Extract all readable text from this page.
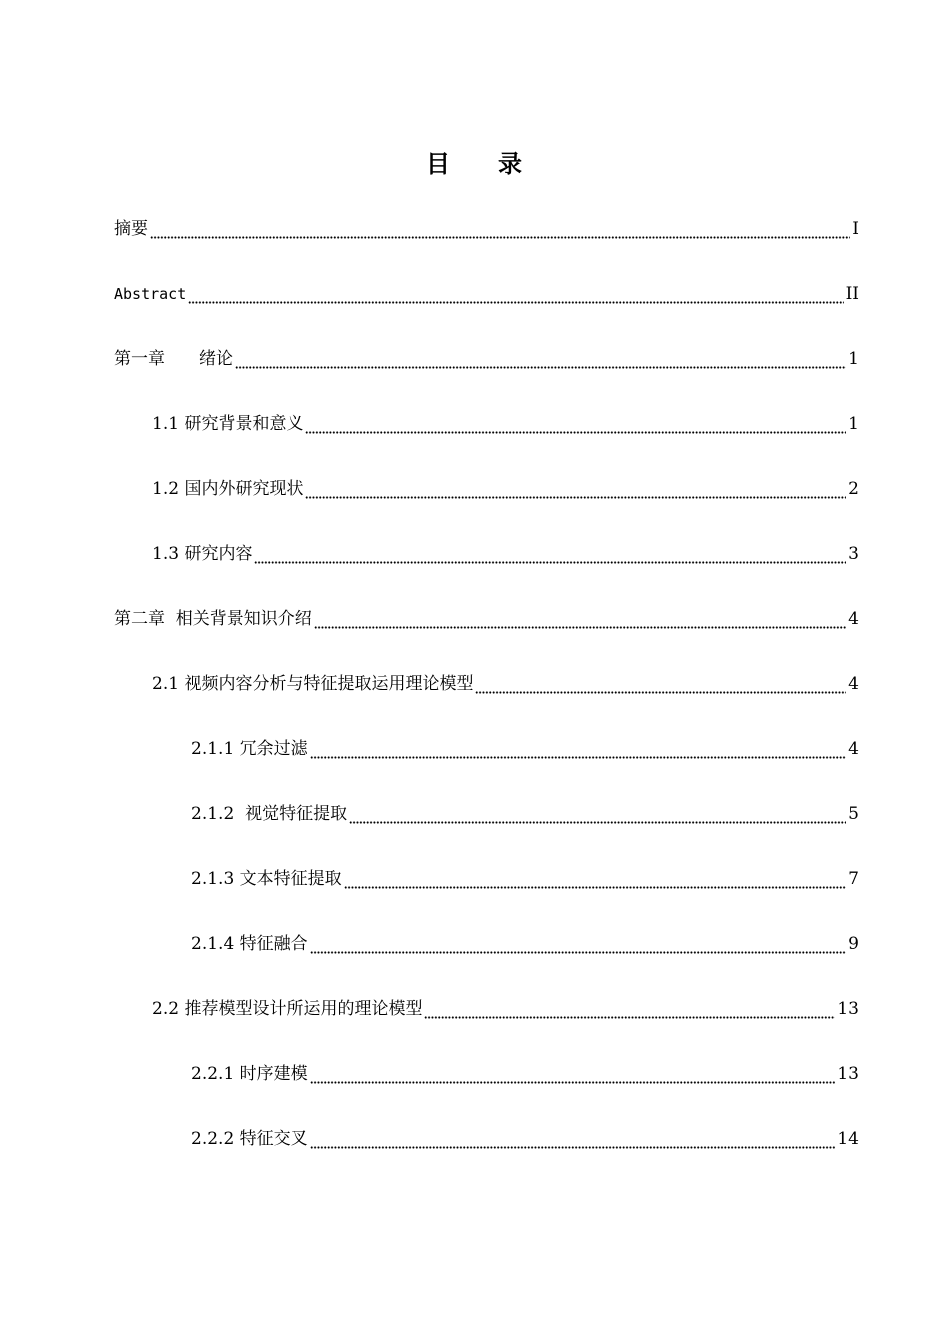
目 录
摘要	I
Abstract	II
第一章　　绪论	1
1.1 研究背景和意义	1
1.2 国内外研究现状	2
1.3 研究内容	3
第二章  相关背景知识介绍	4
2.1 视频内容分析与特征提取运用理论模型	4
2.1.1 冗余过滤	4
2.1.2  视觉特征提取	5
2.1.3 文本特征提取	7
2.1.4 特征融合	9
2.2 推荐模型设计所运用的理论模型	13
2.2.1 时序建模	13
2.2.2 特征交叉	14
